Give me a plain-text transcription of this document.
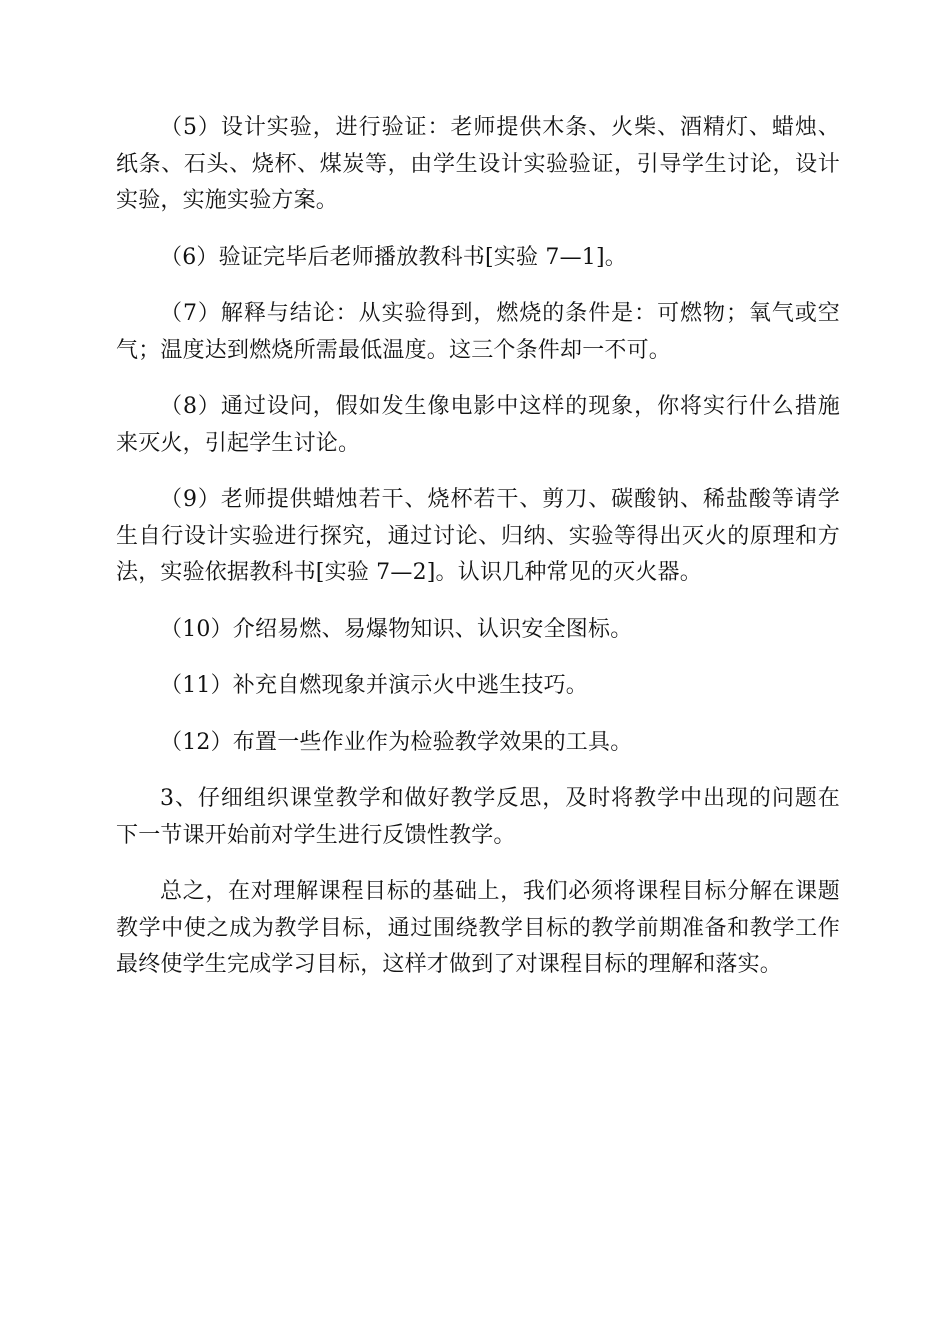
（5）设计实验，进行验证：老师提供木条、火柴、酒精灯、蜡烛、纸条、石头、烧杯、煤炭等，由学生设计实验验证，引导学生讨论，设计实验，实施实验方案。

（6）验证完毕后老师播放教科书[实验 7—1]。

（7）解释与结论：从实验得到，燃烧的条件是：可燃物；氧气或空气；温度达到燃烧所需最低温度。这三个条件却一不可。

（8）通过设问，假如发生像电影中这样的现象，你将实行什么措施来灭火，引起学生讨论。

（9）老师提供蜡烛若干、烧杯若干、剪刀、碳酸钠、稀盐酸等请学生自行设计实验进行探究，通过讨论、归纳、实验等得出灭火的原理和方法，实验依据教科书[实验 7—2]。认识几种常见的灭火器。

（10）介绍易燃、易爆物知识、认识安全图标。

（11）补充自燃现象并演示火中逃生技巧。

（12）布置一些作业作为检验教学效果的工具。

3、仔细组织课堂教学和做好教学反思，及时将教学中出现的问题在下一节课开始前对学生进行反馈性教学。

总之，在对理解课程目标的基础上，我们必须将课程目标分解在课题教学中使之成为教学目标，通过围绕教学目标的教学前期准备和教学工作最终使学生完成学习目标，这样才做到了对课程目标的理解和落实。
